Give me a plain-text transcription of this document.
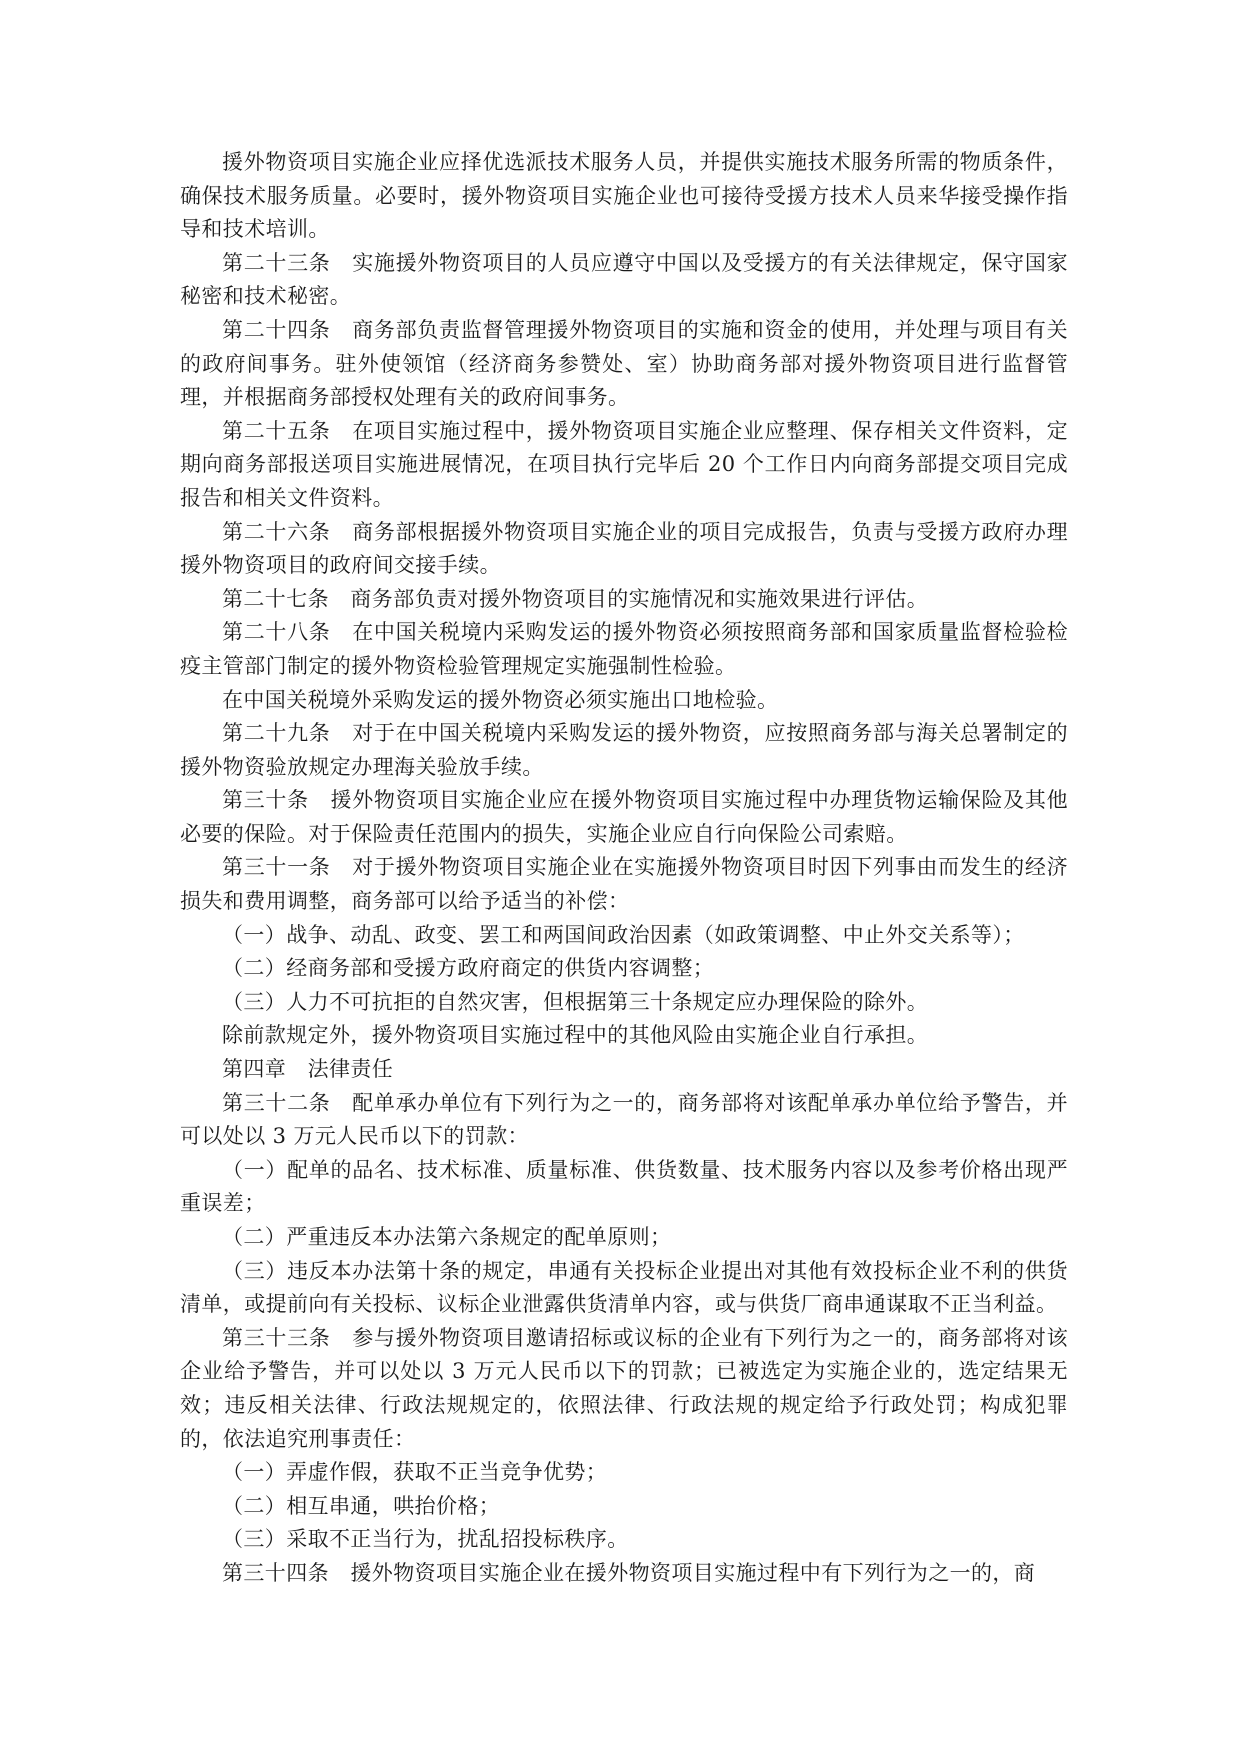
援外物资项目实施企业应择优选派技术服务人员，并提供实施技术服务所需的物质条件，确保技术服务质量。必要时，援外物资项目实施企业也可接待受援方技术人员来华接受操作指导和技术培训。

第二十三条　实施援外物资项目的人员应遵守中国以及受援方的有关法律规定，保守国家秘密和技术秘密。

第二十四条　商务部负责监督管理援外物资项目的实施和资金的使用，并处理与项目有关的政府间事务。驻外使领馆（经济商务参赞处、室）协助商务部对援外物资项目进行监督管理，并根据商务部授权处理有关的政府间事务。

第二十五条　在项目实施过程中，援外物资项目实施企业应整理、保存相关文件资料，定期向商务部报送项目实施进展情况，在项目执行完毕后 20 个工作日内向商务部提交项目完成报告和相关文件资料。

第二十六条　商务部根据援外物资项目实施企业的项目完成报告，负责与受援方政府办理援外物资项目的政府间交接手续。

第二十七条　商务部负责对援外物资项目的实施情况和实施效果进行评估。

第二十八条　在中国关税境内采购发运的援外物资必须按照商务部和国家质量监督检验检疫主管部门制定的援外物资检验管理规定实施强制性检验。

在中国关税境外采购发运的援外物资必须实施出口地检验。

第二十九条　对于在中国关税境内采购发运的援外物资，应按照商务部与海关总署制定的援外物资验放规定办理海关验放手续。

第三十条　援外物资项目实施企业应在援外物资项目实施过程中办理货物运输保险及其他必要的保险。对于保险责任范围内的损失，实施企业应自行向保险公司索赔。

第三十一条　对于援外物资项目实施企业在实施援外物资项目时因下列事由而发生的经济损失和费用调整，商务部可以给予适当的补偿：

（一）战争、动乱、政变、罢工和两国间政治因素（如政策调整、中止外交关系等）；

（二）经商务部和受援方政府商定的供货内容调整；

（三）人力不可抗拒的自然灾害，但根据第三十条规定应办理保险的除外。

除前款规定外，援外物资项目实施过程中的其他风险由实施企业自行承担。

第四章　法律责任

第三十二条　配单承办单位有下列行为之一的，商务部将对该配单承办单位给予警告，并可以处以 3 万元人民币以下的罚款：

（一）配单的品名、技术标准、质量标准、供货数量、技术服务内容以及参考价格出现严重误差；

（二）严重违反本办法第六条规定的配单原则；

（三）违反本办法第十条的规定，串通有关投标企业提出对其他有效投标企业不利的供货清单，或提前向有关投标、议标企业泄露供货清单内容，或与供货厂商串通谋取不正当利益。

第三十三条　参与援外物资项目邀请招标或议标的企业有下列行为之一的，商务部将对该企业给予警告，并可以处以 3 万元人民币以下的罚款；已被选定为实施企业的，选定结果无效；违反相关法律、行政法规规定的，依照法律、行政法规的规定给予行政处罚；构成犯罪的，依法追究刑事责任：

（一）弄虚作假，获取不正当竞争优势；

（二）相互串通，哄抬价格；

（三）采取不正当行为，扰乱招投标秩序。

第三十四条　援外物资项目实施企业在援外物资项目实施过程中有下列行为之一的，商
